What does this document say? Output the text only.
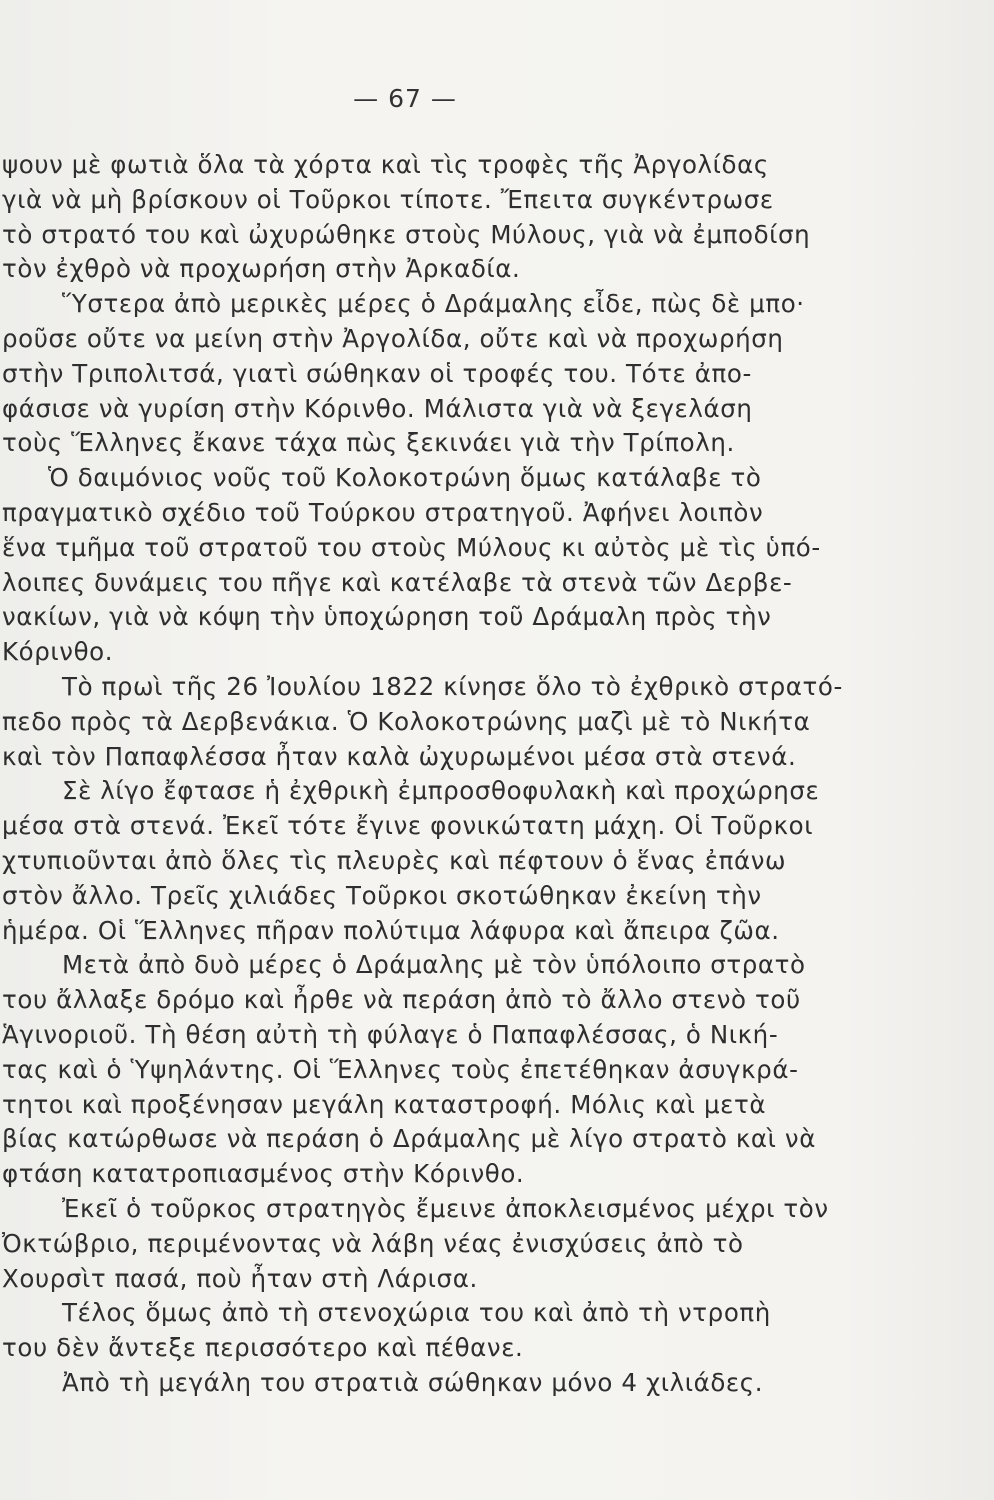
— 67 —
ψουν μὲ φωτιὰ ὅλα τὰ χόρτα καὶ τὶς τροφὲς τῆς Ἀργολίδας
γιὰ νὰ μὴ βρίσκουν οἱ Τοῦρκοι τίποτε. Ἔπειτα συγκέντρωσε
τὸ στρατό του καὶ ὠχυρώθηκε στοὺς Μύλους, γιὰ νὰ ἐμποδίση
τὸν ἐχθρὸ νὰ προχωρήση στὴν Ἀρκαδία.
Ὕστερα ἀπὸ μερικὲς μέρες ὁ Δράμαλης εἶδε, πὼς δὲ μπο·
ροῦσε οὔτε να μείνη στὴν Ἀργολίδα, οὔτε καὶ νὰ προχωρήση
στὴν Τριπολιτσά, γιατὶ σώθηκαν οἱ τροφές του. Τότε ἀπο-
φάσισε νὰ γυρίση στὴν Κόρινθο. Μάλιστα γιὰ νὰ ξεγελάση
τοὺς Ἕλληνες ἔκανε τάχα πὼς ξεκινάει γιὰ τὴν Τρίπολη.
Ὁ δαιμόνιος νοῦς τοῦ Κολοκοτρώνη ὅμως κατάλαβε τὸ
πραγματικὸ σχέδιο τοῦ Τούρκου στρατηγοῦ. Ἀφήνει λοιπὸν
ἕνα τμῆμα τοῦ στρατοῦ του στοὺς Μύλους κι αὐτὸς μὲ τὶς ὑπό-
λοιπες δυνάμεις του πῆγε καὶ κατέλαβε τὰ στενὰ τῶν Δερβε-
νακίων, γιὰ νὰ κόψη τὴν ὑποχώρηση τοῦ Δράμαλη πρὸς τὴν
Κόρινθο.
Τὸ πρωὶ τῆς 26 Ἰουλίου 1822 κίνησε ὅλο τὸ ἐχθρικὸ στρατό-
πεδο πρὸς τὰ Δερβενάκια. Ὁ Κολοκοτρώνης μαζὶ μὲ τὸ Νικήτα
καὶ τὸν Παπαφλέσσα ἦταν καλὰ ὠχυρωμένοι μέσα στὰ στενά.
Σὲ λίγο ἔφτασε ἡ ἐχθρικὴ ἐμπροσθοφυλακὴ καὶ προχώρησε
μέσα στὰ στενά. Ἐκεῖ τότε ἔγινε φονικώτατη μάχη. Οἱ Τοῦρκοι
χτυπιοῦνται ἀπὸ ὅλες τὶς πλευρὲς καὶ πέφτουν ὁ ἕνας ἐπάνω
στὸν ἄλλο. Τρεῖς χιλιάδες Τοῦρκοι σκοτώθηκαν ἐκείνη τὴν
ἡμέρα. Οἱ Ἕλληνες πῆραν πολύτιμα λάφυρα καὶ ἄπειρα ζῶα.
Μετὰ ἀπὸ δυὸ μέρες ὁ Δράμαλης μὲ τὸν ὑπόλοιπο στρατὸ
του ἄλλαξε δρόμο καὶ ἦρθε νὰ περάση ἀπὸ τὸ ἄλλο στενὸ τοῦ
Ἁγινοριοῦ. Τὴ θέση αὐτὴ τὴ φύλαγε ὁ Παπαφλέσσας, ὁ Νική-
τας καὶ ὁ Ὑψηλάντης. Οἱ Ἕλληνες τοὺς ἐπετέθηκαν ἀσυγκρά-
τητοι καὶ προξένησαν μεγάλη καταστροφή. Μόλις καὶ μετὰ
βίας κατώρθωσε νὰ περάση ὁ Δράμαλης μὲ λίγο στρατὸ καὶ νὰ
φτάση κατατροπιασμένος στὴν Κόρινθο.
Ἐκεῖ ὁ τοῦρκος στρατηγὸς ἔμεινε ἀποκλεισμένος μέχρι τὸν
Ὀκτώβριο, περιμένοντας νὰ λάβη νέας ἐνισχύσεις ἀπὸ τὸ
Χουρσὶτ πασά, ποὺ ἦταν στὴ Λάρισα.
Τέλος ὅμως ἀπὸ τὴ στενοχώρια του καὶ ἀπὸ τὴ ντροπὴ
του δὲν ἄντεξε περισσότερο καὶ πέθανε.
Ἀπὸ τὴ μεγάλη του στρατιὰ σώθηκαν μόνο 4 χιλιάδες.
